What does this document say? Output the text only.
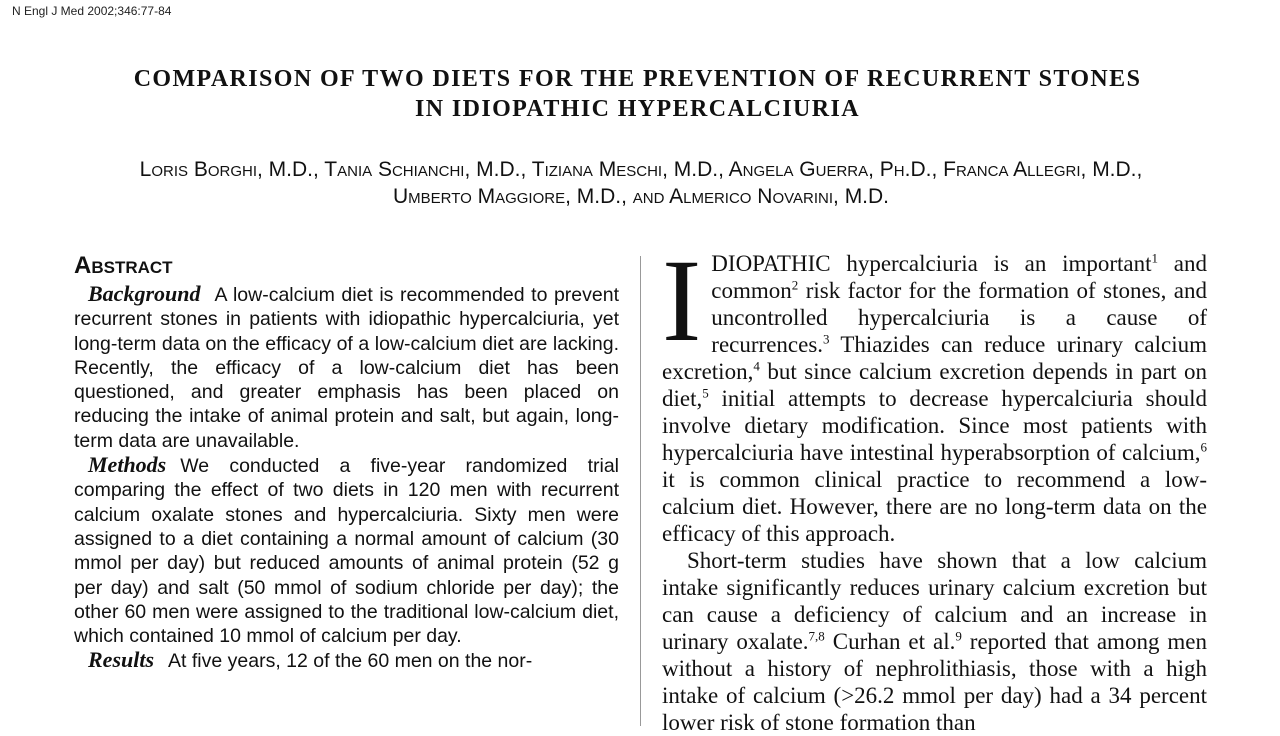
N Engl J Med 2002;346:77-84
COMPARISON OF TWO DIETS FOR THE PREVENTION OF RECURRENT STONES
IN IDIOPATHIC HYPERCALCIURIA
Loris Borghi, M.D., Tania Schianchi, M.D., Tiziana Meschi, M.D., Angela Guerra, Ph.D., Franca Allegri, M.D.,
Umberto Maggiore, M.D., and Almerico Novarini, M.D.
Abstract

Background A low-calcium diet is recommended to prevent recurrent stones in patients with idiopathic hypercalciuria, yet long-term data on the efficacy of a low-calcium diet are lacking. Recently, the efficacy of a low-calcium diet has been questioned, and greater emphasis has been placed on reducing the intake of animal protein and salt, but again, long-term data are unavailable.

Methods We conducted a five-year randomized trial comparing the effect of two diets in 120 men with recurrent calcium oxalate stones and hypercalciuria. Sixty men were assigned to a diet containing a normal amount of calcium (30 mmol per day) but reduced amounts of animal protein (52 g per day) and salt (50 mmol of sodium chloride per day); the other 60 men were assigned to the traditional low-calcium diet, which contained 10 mmol of calcium per day.

Results At five years, 12 of the 60 men on the nor-

IDIOPATHIC hypercalciuria is an important$^1$ and common$^2$ risk factor for the formation of stones, and uncontrolled hypercalciuria is a cause of recurrences.$^3$ Thiazides can reduce urinary calcium excretion,$^4$ but since calcium excretion depends in part on diet,$^5$ initial attempts to decrease hypercalciuria should involve dietary modification. Since most patients with hypercalciuria have intestinal hyperabsorption of calcium,$^6$ it is common clinical practice to recommend a low-calcium diet. However, there are no long-term data on the efficacy of this approach.

Short-term studies have shown that a low calcium intake significantly reduces urinary calcium excretion but can cause a deficiency of calcium and an increase in urinary oxalate.$^{7,8}$ Curhan et al.$^9$ reported that among men without a history of nephrolithiasis, those with a high intake of calcium (>26.2 mmol per day) had a 34 percent lower risk of stone formation than
